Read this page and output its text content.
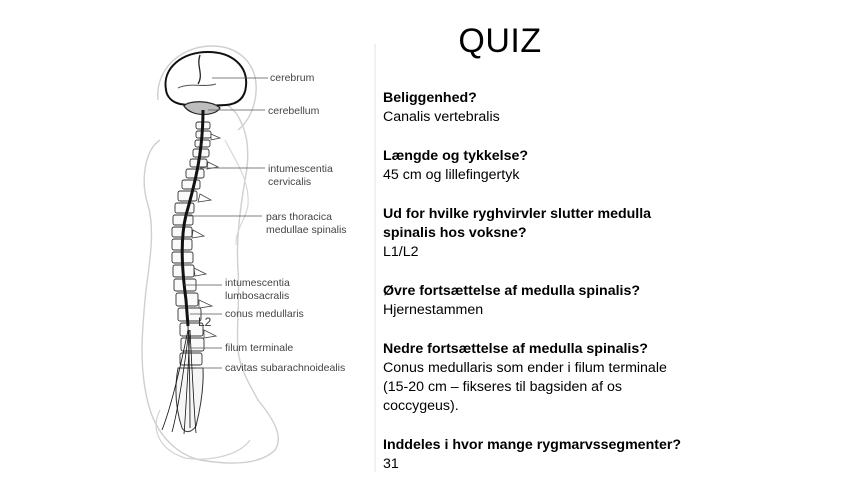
QUIZ
cerebrum
cerebellum
intumescentia
cervicalis
pars thoracica
medullae spinalis
intumescentia
lumbosacralis
L2
conus medullaris
filum terminale
cavitas subarachnoidealis
Beliggenhed?
Canalis vertebralis
Længde og tykkelse?
45 cm og lillefingertyk
Ud for hvilke ryghvirvler slutter medulla
spinalis hos voksne?
L1/L2
Øvre fortsættelse af medulla spinalis?
Hjernestammen
Nedre fortsættelse af medulla spinalis?
Conus medullaris som ender i filum terminale
(15-20 cm – fikseres til bagsiden af os
coccygeus).
Inddeles i hvor mange rygmarvssegmenter?
31
